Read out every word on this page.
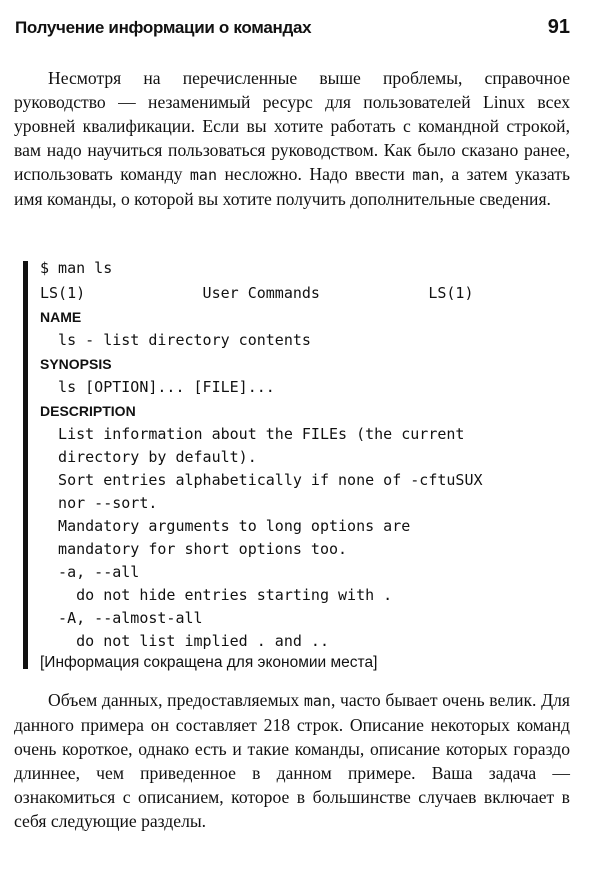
Получение информации о командах	91

Несмотря на перечисленные выше проблемы, справочное руководство — незаменимый ресурс для пользователей Linux всех уровней квалификации. Если вы хотите работать с командной строкой, вам надо научиться пользоваться руководством. Как было сказано ранее, использовать команду man несложно. Надо ввести man, а затем указать имя команды, о которой вы хотите получить дополнительные сведения.

$ man ls
LS(1)             User Commands            LS(1)
NAME
ls - list directory contents
SYNOPSIS
ls [OPTION]... [FILE]...
DESCRIPTION
List information about the FILEs (the current
directory by default).
Sort entries alphabetically if none of -cftuSUX
nor --sort.
Mandatory arguments to long options are
mandatory for short options too.
-a, --all
do not hide entries starting with .
-A, --almost-all
do not list implied . and ..
[Информация сокращена для экономии места]

Объем данных, предоставляемых man, часто бывает очень велик. Для данного примера он составляет 218 строк. Описание некоторых команд очень короткое, однако есть и такие команды, описание которых гораздо длиннее, чем приведенное в данном примере. Ваша задача — ознакомиться с описанием, которое в большинстве случаев включает в себя следующие разделы.
